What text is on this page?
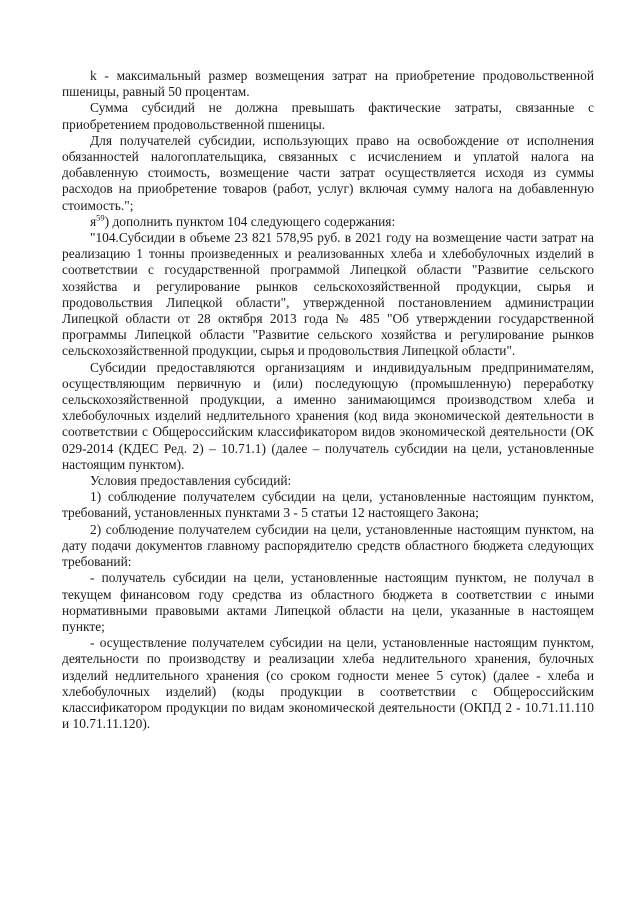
k - максимальный размер возмещения затрат на приобретение продовольственной пшеницы, равный 50 процентам.

Сумма субсидий не должна превышать фактические затраты, связанные с приобретением продовольственной пшеницы.

Для получателей субсидии, использующих право на освобождение от исполнения обязанностей налогоплательщика, связанных с исчислением и уплатой налога на добавленную стоимость, возмещение части затрат осуществляется исходя из суммы расходов на приобретение товаров (работ, услуг) включая сумму налога на добавленную стоимость.";

$я^{59}$) дополнить пунктом 104 следующего содержания:

"104.Субсидии в объеме 23 821 578,95 руб. в 2021 году на возмещение части затрат на реализацию 1 тонны произведенных и реализованных хлеба и хлебобулочных изделий в соответствии с государственной программой Липецкой области "Развитие сельского хозяйства и регулирование рынков сельскохозяйственной продукции, сырья и продовольствия Липецкой области", утвержденной постановлением администрации Липецкой области от 28 октября 2013 года № 485 "Об утверждении государственной программы Липецкой области "Развитие сельского хозяйства и регулирование рынков сельскохозяйственной продукции, сырья и продовольствия Липецкой области".

Субсидии предоставляются организациям и индивидуальным предпринимателям, осуществляющим первичную и (или) последующую (промышленную) переработку сельскохозяйственной продукции, а именно занимающимся производством хлеба и хлебобулочных изделий недлительного хранения (код вида экономической деятельности в соответствии с Общероссийским классификатором видов экономической деятельности (ОК 029-2014 (КДЕС Ред. 2) – 10.71.1) (далее – получатель субсидии на цели, установленные настоящим пунктом).

Условия предоставления субсидий:

1) соблюдение получателем субсидии на цели, установленные настоящим пунктом, требований, установленных пунктами 3 - 5 статьи 12 настоящего Закона;

2) соблюдение получателем субсидии на цели, установленные настоящим пунктом, на дату подачи документов главному распорядителю средств областного бюджета следующих требований:

- получатель субсидии на цели, установленные настоящим пунктом, не получал в текущем финансовом году средства из областного бюджета в соответствии с иными нормативными правовыми актами Липецкой области на цели, указанные в настоящем пункте;

- осуществление получателем субсидии на цели, установленные настоящим пунктом, деятельности по производству и реализации хлеба недлительного хранения, булочных изделий недлительного хранения (со сроком годности менее 5 суток) (далее - хлеба и хлебобулочных изделий) (коды продукции в соответствии с Общероссийским классификатором продукции по видам экономической деятельности (ОКПД 2 - 10.71.11.110 и 10.71.11.120).
